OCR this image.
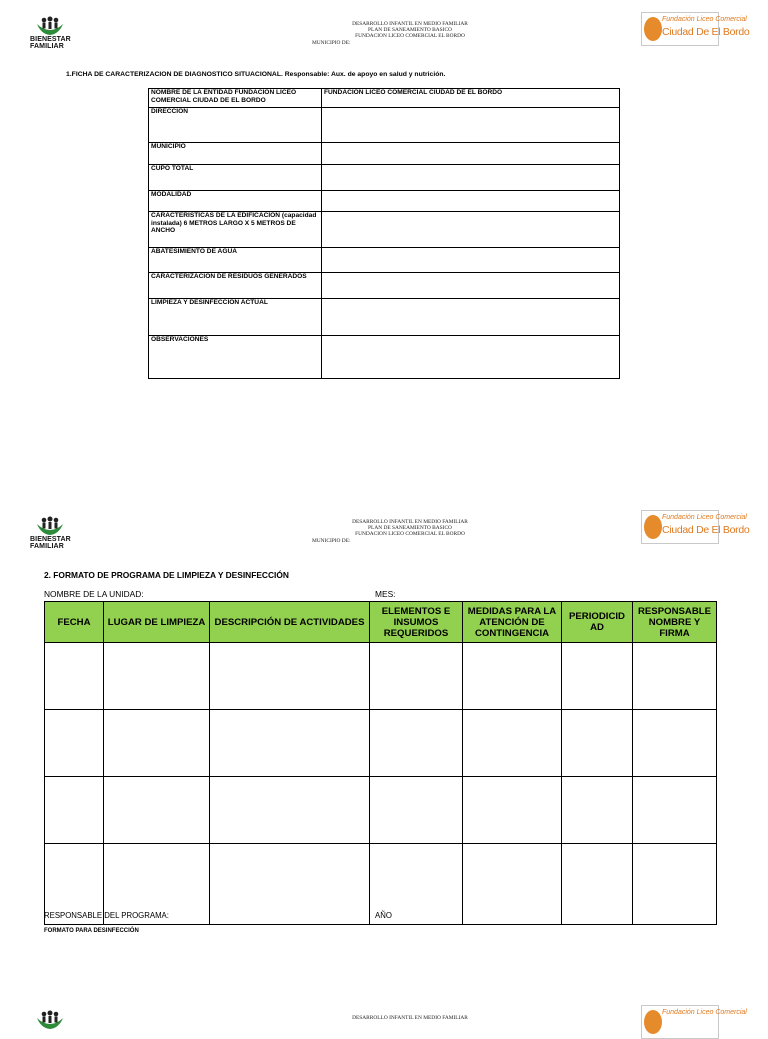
BIENESTAR
FAMILIAR
DESARROLLO INFANTIL EN MEDIO FAMILIAR
PLAN DE SANEAMIENTO BASICO
FUNDACION LICEO COMERCIAL EL BORDO
MUNICIPIO DE:
Fundación Liceo Comercial
Ciudad De El Bordo
1.FICHA DE CARACTERIZACION DE DIAGNOSTICO SITUACIONAL. Responsable: Aux. de apoyo en salud y nutrición.
NOMBRE DE LA ENTIDAD FUNDACION LICEO COMERCIAL CIUDAD DE EL BORDO	FUNDACION LICEO COMERCIAL CIUDAD DE EL BORDO
DIRECCION	
MUNICIPIO	
CUPO TOTAL	
MODALIDAD	
CARACTERISTICAS DE LA EDIFICACION (capacidad instalada) 6 METROS LARGO X 5 METROS DE ANCHO	
ABATESIMIENTO DE AGUA	
CARACTERIZACION DE RESIDUOS GENERADOS	
LIMPIEZA Y DESINFECCION ACTUAL	
OBSERVACIONES	
BIENESTAR
FAMILIAR
DESARROLLO INFANTIL EN MEDIO FAMILIAR
PLAN DE SANEAMIENTO BASICO
FUNDACION LICEO COMERCIAL EL BORDO
MUNICIPIO DE:
Fundación Liceo Comercial
Ciudad De El Bordo
2. FORMATO DE PROGRAMA DE LIMPIEZA Y DESINFECCIÓN
NOMBRE DE LA UNIDAD:	MES:
FECHA	LUGAR DE LIMPIEZA	DESCRIPCIÓN DE ACTIVIDADES	ELEMENTOS E INSUMOS REQUERIDOS	MEDIDAS PARA LA ATENCIÓN DE CONTINGENCIA	PERIODICID AD	RESPONSABLE NOMBRE Y FIRMA

RESPONSABLE DEL PROGRAMA:	AÑO
FORMATO PARA DESINFECCIÓN
DESARROLLO INFANTIL EN MEDIO FAMILIAR
Fundación Liceo Comercial
